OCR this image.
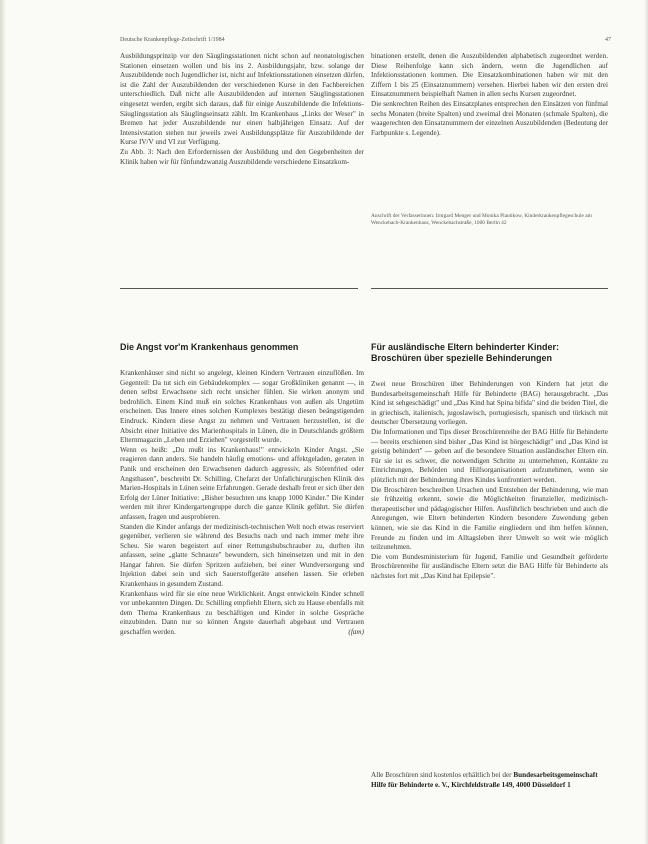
Deutsche Krankenpflege-Zeitschrift 1/1984	47

Ausbildungsprinzip vor den Säuglingsstationen nicht schon auf neonatologischen Stationen einsetzen wollen und bis ins 2. Ausbildungsjahr, bzw. solange der Auszubildende noch Jugendlicher ist, nicht auf Infektionsstationen einsetzen dürfen, ist die Zahl der Auszubildenden der verschiedenen Kurse in den Fachbereichen unterschiedlich. Daß nicht alle Auszubildenden auf internen Säuglingsstationen eingesetzt werden, ergibt sich daraus, daß für einige Auszubildende die Infektions-Säuglingsstation als Säuglingseinsatz zählt. Im Krankenhaus „Links der Weser" in Bremen hat jeder Auszubildende nur einen halbjährigen Einsatz. Auf der Intensivstation stehen nur jeweils zwei Ausbildungsplätze für Auszubildende der Kurse IV/V und VI zur Verfügung.

Zu Abb. 3: Nach den Erfordernissen der Ausbildung und den Gegebenheiten der Klinik haben wir für fünfundzwanzig Auszubildende verschiedene Einsatzkom-

binationen erstellt, denen die Auszubildenden alphabetisch zugeordnet werden. Diese Reihenfolge kann sich ändern, wenn die Jugendlichen auf Infektionsstationen kommen. Die Einsatzkombinationen haben wir mit den Ziffern 1 bis 25 (Einsatznummern) versehen. Hierbei haben wir den ersten drei Einsatznummern beispielhaft Namen in allen sechs Kursen zugeordnet.

Die senkrechten Reihen des Einsatzplanes entsprechen den Einsätzen von fünfmal sechs Monaten (breite Spalten) und zweimal drei Monaten (schmale Spalten), die waagerechten den Einsatznummern der einzelnen Auszubildenden (Bedeutung der Farbpunkte s. Legende).

Anschrift der Verfasserinnen: Irmgard Menger und Monika Plantikow, Kinderkrankenpflegeschule am Wenckebach-Krankenhaus, Wenckebachstraße, 1000 Berlin 42
Die Angst vor'm Krankenhaus genommen	Für ausländische Eltern behinderter Kinder: Broschüren über spezielle Behinderungen

Krankenhäuser sind nicht so angelegt, kleinen Kindern Vertrauen einzuflößen. Im Gegenteil: Da tut sich ein Gebäudekomplex — sogar Großkliniken genannt —, in denen selbst Erwachsene sich recht unsicher fühlen. Sie wirken anonym und bedrohlich. Einem Kind muß ein solches Krankenhaus von außen als Ungetüm erscheinen. Das Innere eines solchen Komplexes bestätigt diesen beängstigenden Eindruck. Kindern diese Angst zu nehmen und Vertrauen herzustellen, ist die Absicht einer Initiative des Marienhospitals in Lünen, die in Deutschlands größtem Elternmagazin „Leben und Erziehen" vorgestellt wurde.

Wenn es heißt: „Du mußt ins Krankenhaus!" entwickeln Kinder Angst. „Sie reagieren dann anders. Sie handeln häufig emotions- und affektgeladen, geraten in Panik und erscheinen den Erwachsenen dadurch aggressiv, als Störenfried oder Angsthasen", beschreibt Dr. Schilling, Chefarzt der Unfallchirurgischen Klinik des Marien-Hospitals in Lünen seine Erfahrungen. Gerade deshalb freut er sich über den Erfolg der Lüner Initiative: „Bisher besuchten uns knapp 1000 Kinder." Die Kinder werden mit ihrer Kindergartengruppe durch die ganze Klinik geführt. Sie dürfen anfassen, fragen und ausprobieren.

Standen die Kinder anfangs der medizinisch-technischen Welt noch etwas reserviert gegenüber, verlieren sie während des Besuchs nach und nach immer mehr ihre Scheu. Sie waren begeistert auf einer Rettungshubschrauber zu, durften ihn anfassen, seine „glatte Schnauze" bewundern, sich hineinsetzen und mit in den Hangar fahren. Sie dürfen Spritzen aufziehen, bei einer Wundversorgung und Injektion dabei sein und sich Sauerstoffgeräte ansehen lassen. Sie erleben Krankenhaus in gesundem Zustand.

Krankenhaus wird für sie eine neue Wirklichkeit. Angst entwickeln Kinder schnell vor unbekannten Dingen. Dr. Schilling empfiehlt Eltern, sich zu Hause ebenfalls mit dem Thema Krankenhaus zu beschäftigen und Kinder in solche Gespräche einzubinden. Dann nur so können Ängste dauerhaft abgebaut und Vertrauen geschaffen werden.	(fam)

Zwei neue Broschüren über Behinderungen von Kindern hat jetzt die Bundesarbeitsgemeinschaft Hilfe für Behinderte (BAG) herausgebracht. „Das Kind ist sehgeschädigt" und „Das Kind hat Spina bifida" sind die beiden Titel, die in griechisch, italienisch, jugoslawisch, portugiesisch, spanisch und türkisch mit deutscher Übersetzung vorliegen.

Die Informationen und Tips dieser Broschürenreihe der BAG Hilfe für Behinderte — bereits erschienen sind bisher „Das Kind ist hörgeschädigt" und „Das Kind ist geistig behindert" — geben auf die besondere Situation ausländischer Eltern ein. Für sie ist es schwer, die notwendigen Schritte zu unternehmen, Kontakte zu Einrichtungen, Behörden und Hilfsorganisationen aufzunehmen, wenn sie plötzlich mit der Behinderung ihres Kindes konfrontiert werden.

Die Broschüren beschreiben Ursachen und Entstehen der Behinderung, wie man sie frühzeitig erkennt, sowie die Möglichkeiten finanzieller, medizinisch-therapeutischer und pädagogischer Hilfen. Ausführlich beschrieben und auch die Anregungen, wie Eltern behinderten Kindern besondere Zuwendung geben können, wie sie das Kind in die Familie eingliedern und ihm helfen können, Freunde zu finden und im Alltagsleben ihrer Umwelt so weit wie möglich teilzunehmen.

Die vom Bundesministerium für Jugend, Familie und Gesundheit geförderte Broschürenreihe für ausländische Eltern setzt die BAG Hilfe für Behinderte als nächstes fort mit „Das Kind hat Epilepsie".

Alle Broschüren sind kostenlos erhältlich bei der Bundesarbeitsgemeinschaft Hilfe für Behinderte e. V., Kirchfeldstraße 149, 4000 Düsseldorf 1
